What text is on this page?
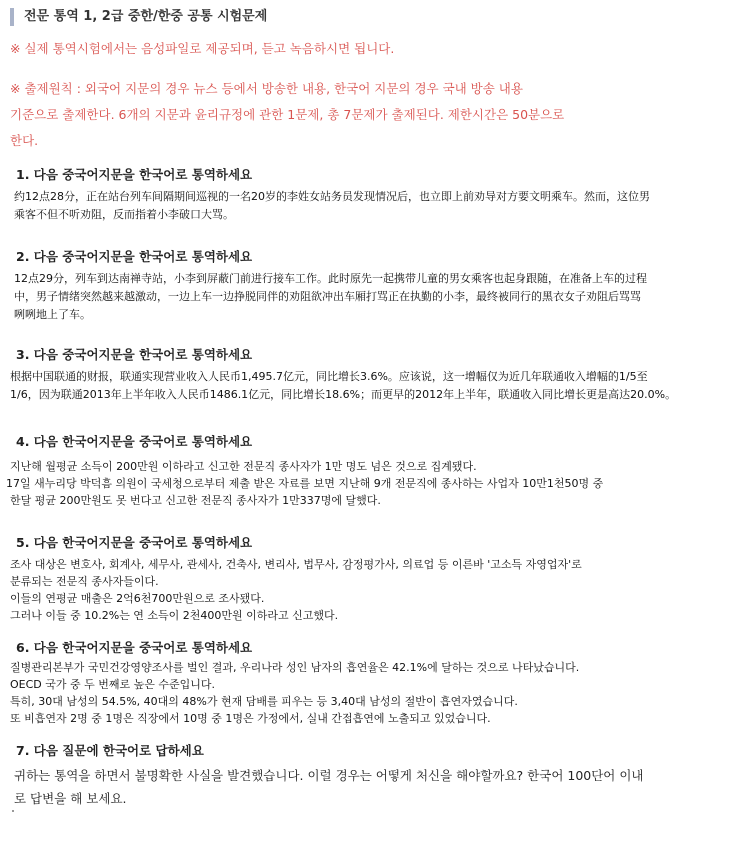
전문 통역 1, 2급 중한/한중 공통 시험문제
※ 실제 통역시험에서는 음성파일로 제공되며, 듣고 녹음하시면 됩니다.
※ 출제원칙 : 외국어 지문의 경우 뉴스 등에서 방송한 내용, 한국어 지문의 경우 국내 방송 내용
기준으로 출제한다. 6개의 지문과 윤리규정에 관한 1문제, 총 7문제가 출제된다. 제한시간은 50분으로
한다.
1. 다음 중국어지문을 한국어로 통역하세요
约12点28分，正在站台列车间隔期间巡视的一名20岁的李姓女站务员发现情况后，也立即上前劝导对方要文明乘车。然而，这位男
乘客不但不听劝阻，反而指着小李破口大骂。
2. 다음 중국어지문을 한국어로 통역하세요
12点29分，列车到达南禅寺站，小李到屏蔽门前进行接车工作。此时原先一起携带儿童的男女乘客也起身跟随，在准备上车的过程
中，男子情绪突然越来越激动，一边上车一边挣脱同伴的劝阻欲冲出车厢打骂正在执勤的小李，最终被同行的黑衣女子劝阻后骂骂
咧咧地上了车。
3. 다음 중국어지문을 한국어로 통역하세요
根据中国联通的财报，联通实现营业收入人民币1,495.7亿元，同比增长3.6%。应该说，这一增幅仅为近几年联通收入增幅的1/5至
1/6，因为联通2013年上半年收入人民币1486.1亿元，同比增长18.6%；而更早的2012年上半年，联通收入同比增长更是高达20.0%。
4. 다음 한국어지문을 중국어로 통역하세요
지난해 월평균 소득이 200만원 이하라고 신고한 전문직 종사자가 1만 명도 넘은 것으로 집계됐다.
17일 새누리당 박덕흠 의원이 국세청으로부터 제출 받은 자료를 보면 지난해 9개 전문직에 종사하는 사업자 10만1천50명 중
한달 평균 200만원도 못 번다고 신고한 전문직 종사자가 1만337명에 달했다.
5. 다음 한국어지문을 중국어로 통역하세요
조사 대상은 변호사, 회계사, 세무사, 관세사, 건축사, 변리사, 법무사, 감정평가사, 의료업 등 이른바 '고소득 자영업자'로
분류되는 전문직 종사자들이다.
이들의 연평균 매출은 2억6천700만원으로 조사됐다.
그러나 이들 중 10.2%는 연 소득이 2천400만원 이하라고 신고했다.
6. 다음 한국어지문을 중국어로 통역하세요
질병관리본부가 국민건강영양조사를 벌인 결과, 우리나라 성인 남자의 흡연율은 42.1%에 달하는 것으로 나타났습니다.
OECD 국가 중 두 번째로 높은 수준입니다.
특히, 30대 남성의 54.5%, 40대의 48%가 현재 담배를 피우는 등 3,40대 남성의 절반이 흡연자였습니다.
또 비흡연자 2명 중 1명은 직장에서 10명 중 1명은 가정에서, 실내 간접흡연에 노출되고 있었습니다.
7. 다음 질문에 한국어로 답하세요
귀하는 통역을 하면서 불명확한 사실을 발견했습니다. 이럴 경우는 어떻게 처신을 해야할까요? 한국어 100단어 이내
로 답변을 해 보세요.
